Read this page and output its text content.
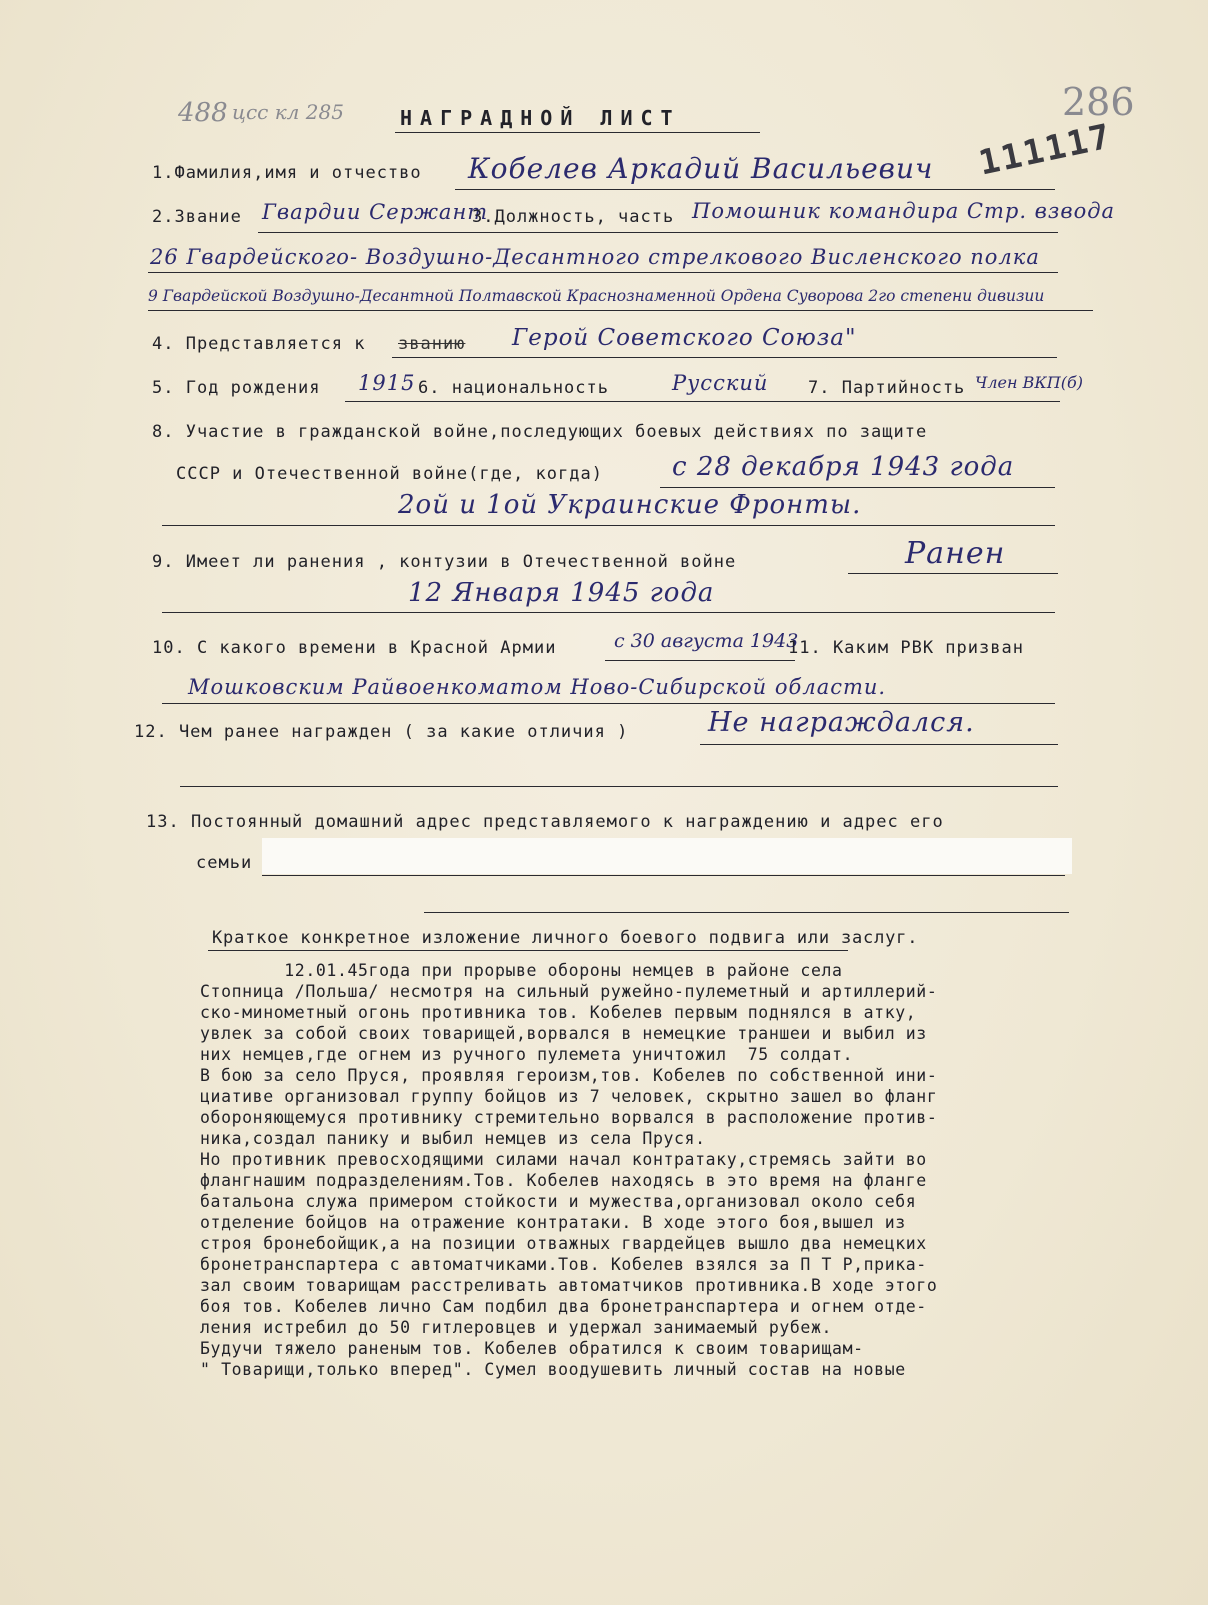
488 цсс кл 285	НАГРАДНОЙ ЛИСТ	286
111117
1.Фамилия,имя и отчество Кобелев Аркадий Васильевич
2.Звание Гвардии Сержант
3.Должность, часть Помошник командира Стр. взвода
26 Гвардейского- Воздушно-Десантного стрелкового Висленского полка
9 Гвардейской Воздушно-Десантной Полтавской Краснознаменной Ордена Суворова 2го степени дивизии
4. Представляется к званию Герой Советского Союза"
5. Год рождения 1915 6. национальность	Русский 7. Партийность Член ВКП(б)
8. Участие в гражданской войне,последующих боевых действиях по защите
СССР и Отечественной войне(где, когда)	с 28 декабря 1943 года
2ой и 1ой Украинские Фронты.
9. Имеет ли ранения , контузии в Отечественной войне	Ранен
12 Января 1945 года
10. С какого времени в Красной Армии	с 30 августа 1943
11. Каким РВК призван
Мошковским Райвоенкоматом Ново-Сибирской области.
12. Чем ранее награжден ( за какие отличия )	Не награждался.
13. Постоянный домашний адрес представляемого к награждению и адрес его
семьи
Краткое конкретное изложение личного боевого подвига или заслуг.
12.01.45года при прорыве обороны немцев в районе села
Стопница /Польша/ несмотря на сильный ружейно-пулеметный и артиллерий-
ско-минометный огонь противника тов. Кобелев первым поднялся в атку,
увлек за собой своих товарищей,ворвался в немецкие траншеи и выбил из
них немцев,где огнем из ручного пулемета уничтожил  75 солдат.
В бою за село Пруся, проявляя героизм,тов. Кобелев по собственной ини-
циативе организовал группу бойцов из 7 человек, скрытно зашел во фланг
обороняющемуся противнику стремительно ворвался в расположение против-
ника,создал панику и выбил немцев из села Пруся.
Но противник превосходящими силами начал контратаку,стремясь зайти во
флангнашим подразделениям.Тов. Кобелев находясь в это время на фланге
батальона служа примером стойкости и мужества,организовал около себя
отделение бойцов на отражение контратаки. В ходе этого боя,вышел из
строя бронебойщик,а на позиции отважных гвардейцев вышло два немецких
бронетранспартера с автоматчиками.Тов. Кобелев взялся за П Т Р,прика-
зал своим товарищам расстреливать автоматчиков противника.В ходе этого
боя тов. Кобелев лично Сам подбил два бронетранспартера и огнем отде-
ления истребил до 50 гитлеровцев и удержал занимаемый рубеж.
Будучи тяжело раненым тов. Кобелев обратился к своим товарищам-
" Товарищи,только вперед". Сумел воодушевить личный состав на новые
